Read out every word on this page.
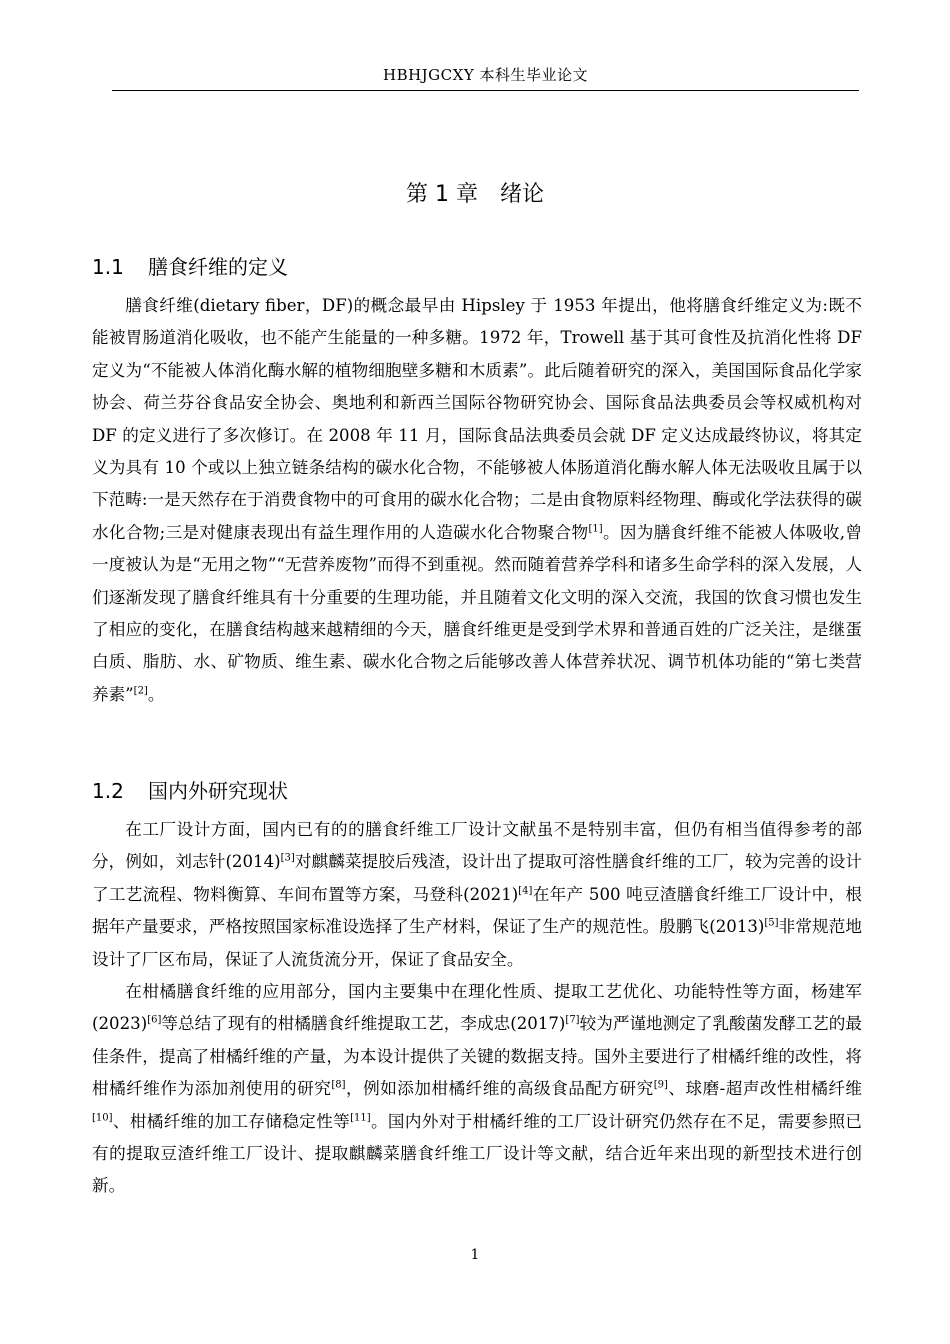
HBHJGCXY 本科生毕业论文
第 1 章 绪论
1.1 膳食纤维的定义

膳食纤维(dietary fiber，DF)的概念最早由 Hipsley 于 1953 年提出，他将膳食纤维定义为:既不能被胃肠道消化吸收，也不能产生能量的一种多糖。1972 年，Trowell 基于其可食性及抗消化性将 DF 定义为“不能被人体消化酶水解的植物细胞壁多糖和木质素”。此后随着研究的深入，美国国际食品化学家协会、荷兰芬谷食品安全协会、奥地利和新西兰国际谷物研究协会、国际食品法典委员会等权威机构对 DF 的定义进行了多次修订。在 2008 年 11 月，国际食品法典委员会就 DF 定义达成最终协议，将其定义为具有 10 个或以上独立链条结构的碳水化合物，不能够被人体肠道消化酶水解人体无法吸收且属于以下范畴:一是天然存在于消费食物中的可食用的碳水化合物；二是由食物原料经物理、酶或化学法获得的碳水化合物;三是对健康表现出有益生理作用的人造碳水化合物聚合物[1]。因为膳食纤维不能被人体吸收,曾一度被认为是“无用之物”“无营养废物”而得不到重视。然而随着营养学科和诸多生命学科的深入发展，人们逐渐发现了膳食纤维具有十分重要的生理功能，并且随着文化文明的深入交流，我国的饮食习惯也发生了相应的变化，在膳食结构越来越精细的今天，膳食纤维更是受到学术界和普通百姓的广泛关注，是继蛋白质、脂肪、水、矿物质、维生素、碳水化合物之后能够改善人体营养状况、调节机体功能的“第七类营养素”[2]。

1.2 国内外研究现状

在工厂设计方面，国内已有的的膳食纤维工厂设计文献虽不是特别丰富，但仍有相当值得参考的部分，例如，刘志针(2014)[3]对麒麟菜提胶后残渣，设计出了提取可溶性膳食纤维的工厂，较为完善的设计了工艺流程、物料衡算、车间布置等方案，马登科(2021)[4]在年产 500 吨豆渣膳食纤维工厂设计中，根据年产量要求，严格按照国家标准设选择了生产材料，保证了生产的规范性。殷鹏飞(2013)[5]非常规范地设计了厂区布局，保证了人流货流分开，保证了食品安全。

在柑橘膳食纤维的应用部分，国内主要集中在理化性质、提取工艺优化、功能特性等方面，杨建军(2023)[6]等总结了现有的柑橘膳食纤维提取工艺，李成忠(2017)[7]较为严谨地测定了乳酸菌发酵工艺的最佳条件，提高了柑橘纤维的产量，为本设计提供了关键的数据支持。国外主要进行了柑橘纤维的改性，将柑橘纤维作为添加剂使用的研究[8]，例如添加柑橘纤维的高级食品配方研究[9]、球磨-超声改性柑橘纤维[10]、柑橘纤维的加工存储稳定性等[11]。国内外对于柑橘纤维的工厂设计研究仍然存在不足，需要参照已有的提取豆渣纤维工厂设计、提取麒麟菜膳食纤维工厂设计等文献，结合近年来出现的新型技术进行创新。

1
